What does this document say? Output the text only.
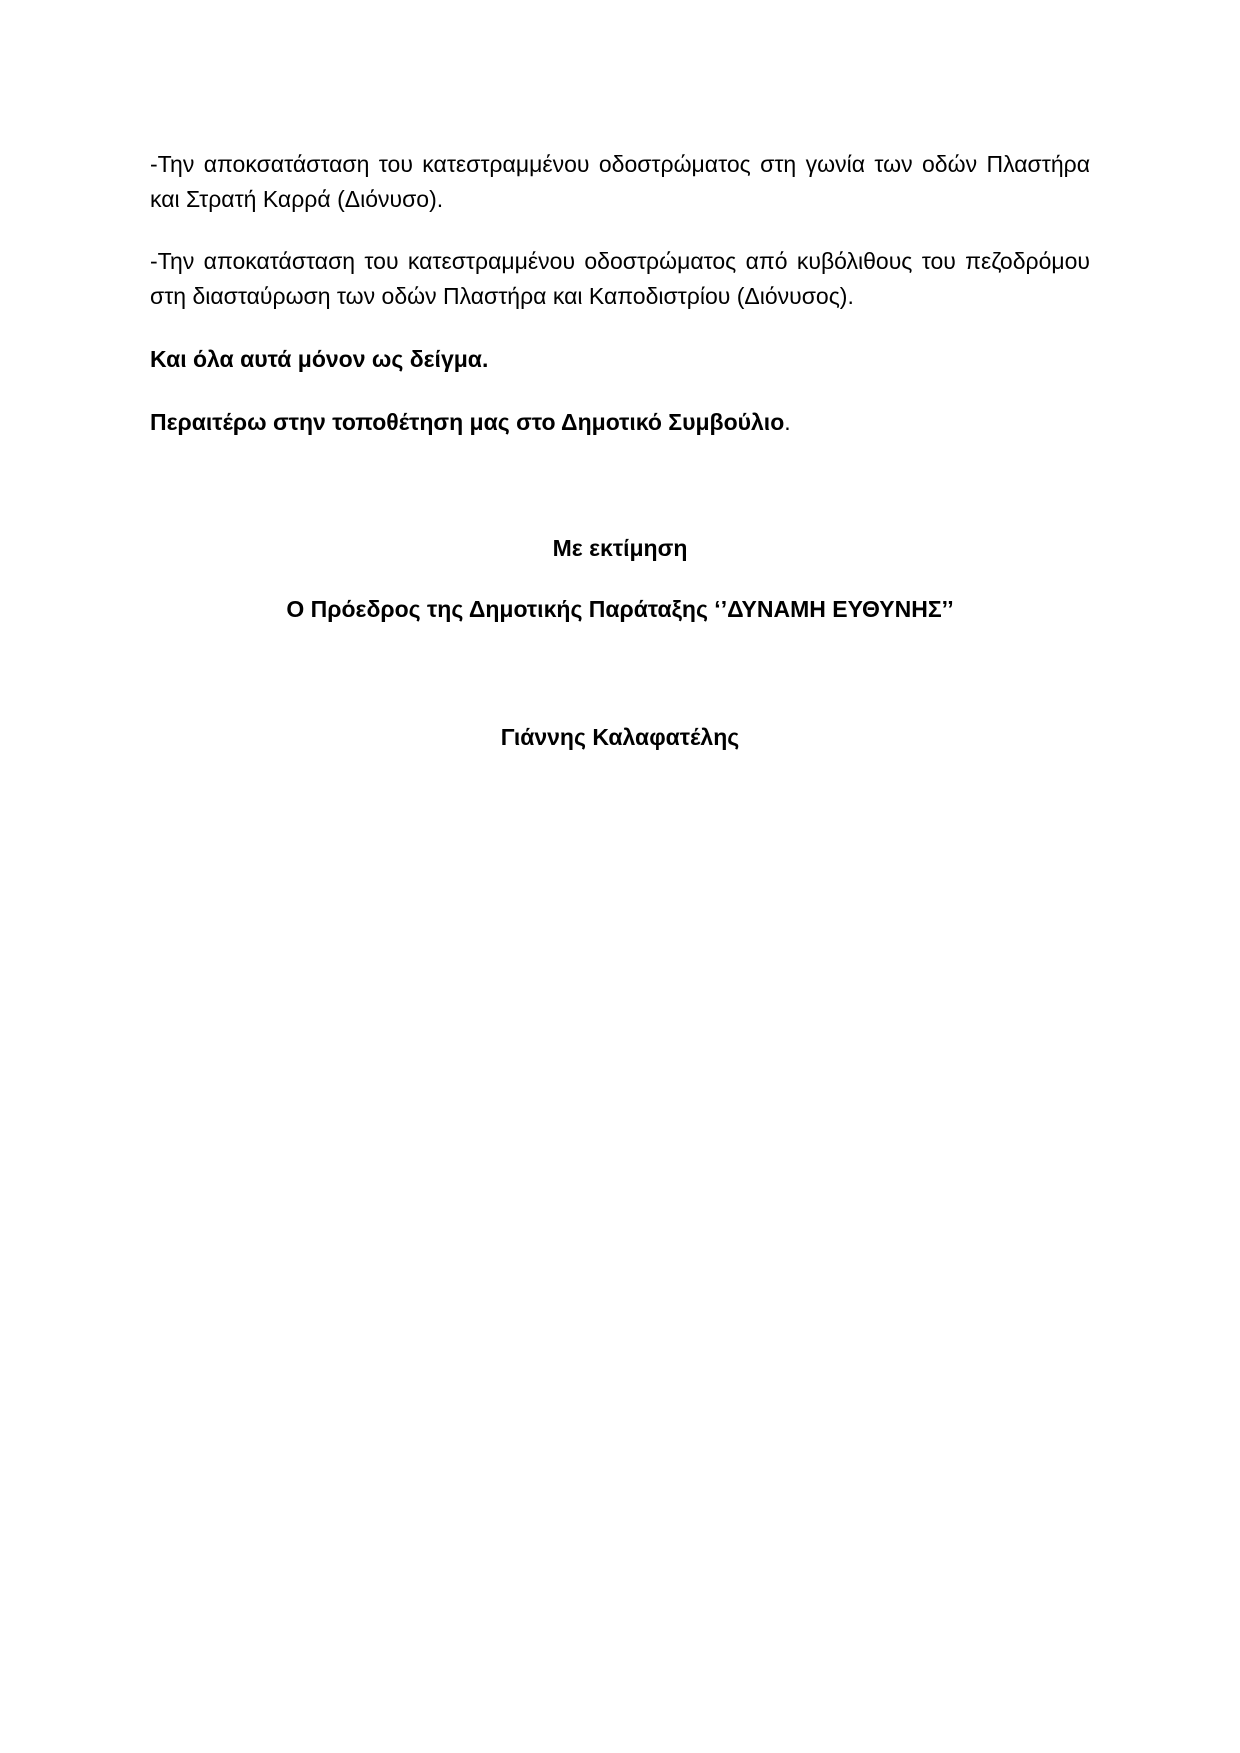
-Την αποκσατάσταση του κατεστραμμένου οδοστρώματος στη γωνία των οδών Πλαστήρα και Στρατή Καρρά (Διόνυσο).

-Την αποκατάσταση του κατεστραμμένου οδοστρώματος από κυβόλιθους του πεζοδρόμου στη διασταύρωση των οδών Πλαστήρα και Καποδιστρίου (Διόνυσος).

Και όλα αυτά μόνον ως δείγμα.

Περαιτέρω στην τοποθέτηση μας στο Δημοτικό Συμβούλιο.

Με εκτίμηση

Ο Πρόεδρος της Δημοτικής Παράταξης ‘’ΔΥΝΑΜΗ ΕΥΘΥΝΗΣ’’

Γιάννης Καλαφατέλης
